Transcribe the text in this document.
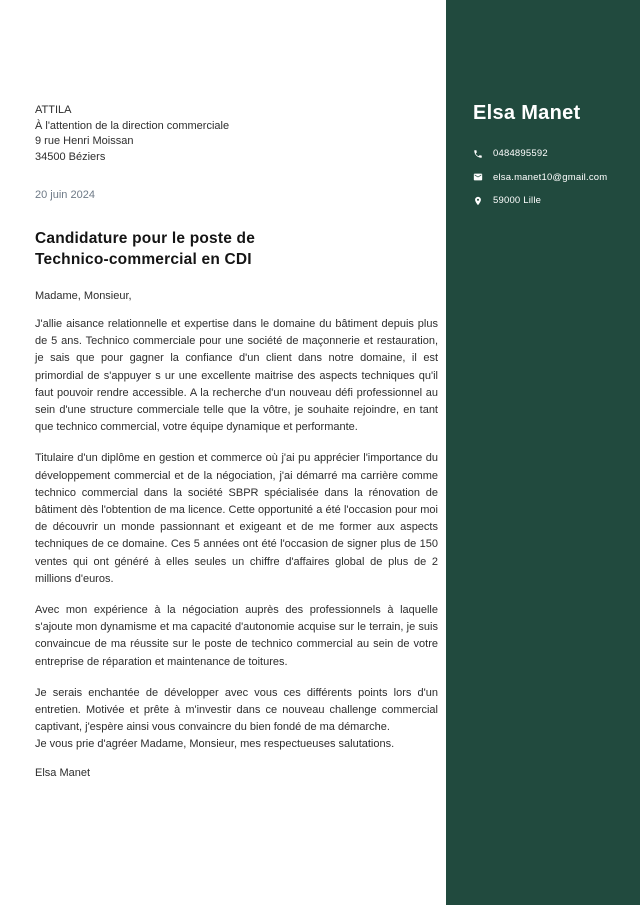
ATTILA
À l'attention de la direction commerciale
9 rue Henri Moissan
34500 Béziers
20 juin 2024
Candidature pour le poste de
Technico-commercial en CDI
Madame, Monsieur,

J'allie aisance relationnelle et expertise dans le domaine du bâtiment depuis plus de 5 ans. Technico commerciale pour une société de maçonnerie et restauration, je sais que pour gagner la confiance d'un client dans notre domaine, il est primordial de s'appuyer s ur une excellente maitrise des aspects techniques qu'il faut pouvoir rendre accessible. A la recherche d'un nouveau défi professionnel au sein d'une structure commerciale telle que la vôtre, je souhaite rejoindre, en tant que technico commercial, votre équipe dynamique et performante.

Titulaire d'un diplôme en gestion et commerce où j'ai pu apprécier l'importance du développement commercial et de la négociation, j'ai démarré ma carrière comme technico commercial dans la société SBPR spécialisée dans la rénovation de bâtiment dès l'obtention de ma licence. Cette opportunité a été l'occasion pour moi de découvrir un monde passionnant et exigeant et de me former aux aspects techniques de ce domaine. Ces 5 années ont été l'occasion de signer plus de 150 ventes qui ont généré à elles seules un chiffre d'affaires global de plus de 2 millions d'euros.

Avec mon expérience à la négociation auprès des professionnels à laquelle s'ajoute mon dynamisme et ma capacité d'autonomie acquise sur le terrain, je suis convaincue de ma réussite sur le poste de technico commercial au sein de votre entreprise de réparation et maintenance de toitures.

Je serais enchantée de développer avec vous ces différents points lors d'un entretien. Motivée et prête à m'investir dans ce nouveau challenge commercial captivant, j'espère ainsi vous convaincre du bien fondé de ma démarche.

Je vous prie d'agréer Madame, Monsieur, mes respectueuses salutations.

Elsa Manet
Elsa Manet
0484895592
elsa.manet10@gmail.com
59000 Lille
